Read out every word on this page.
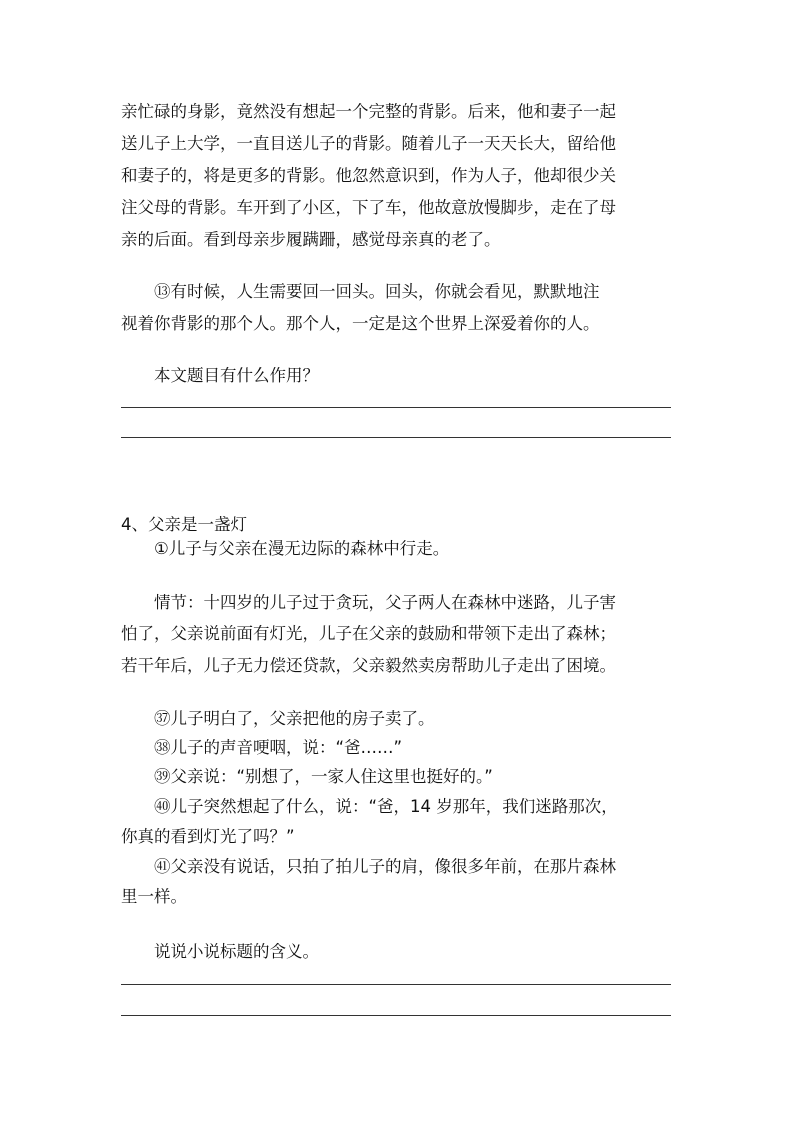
亲忙碌的身影，竟然没有想起一个完整的背影。后来，他和妻子一起
送儿子上大学，一直目送儿子的背影。随着儿子一天天长大，留给他
和妻子的，将是更多的背影。他忽然意识到，作为人子，他却很少关
注父母的背影。车开到了小区，下了车，他故意放慢脚步，走在了母
亲的后面。看到母亲步履蹒跚，感觉母亲真的老了。
⑬有时候，人生需要回一回头。回头，你就会看见，默默地注
视着你背影的那个人。那个人，一定是这个世界上深爱着你的人。
本文题目有什么作用？
4、父亲是一盏灯
①儿子与父亲在漫无边际的森林中行走。
情节：十四岁的儿子过于贪玩，父子两人在森林中迷路，儿子害
怕了，父亲说前面有灯光，儿子在父亲的鼓励和带领下走出了森林；
若干年后，儿子无力偿还贷款，父亲毅然卖房帮助儿子走出了困境。
㊲儿子明白了，父亲把他的房子卖了。
㊳儿子的声音哽咽，说：“爸……”
㊴父亲说：“别想了，一家人住这里也挺好的。”
㊵儿子突然想起了什么，说：“爸，14 岁那年，我们迷路那次，
你真的看到灯光了吗？”
㊶父亲没有说话，只拍了拍儿子的肩，像很多年前，在那片森林
里一样。
说说小说标题的含义。
